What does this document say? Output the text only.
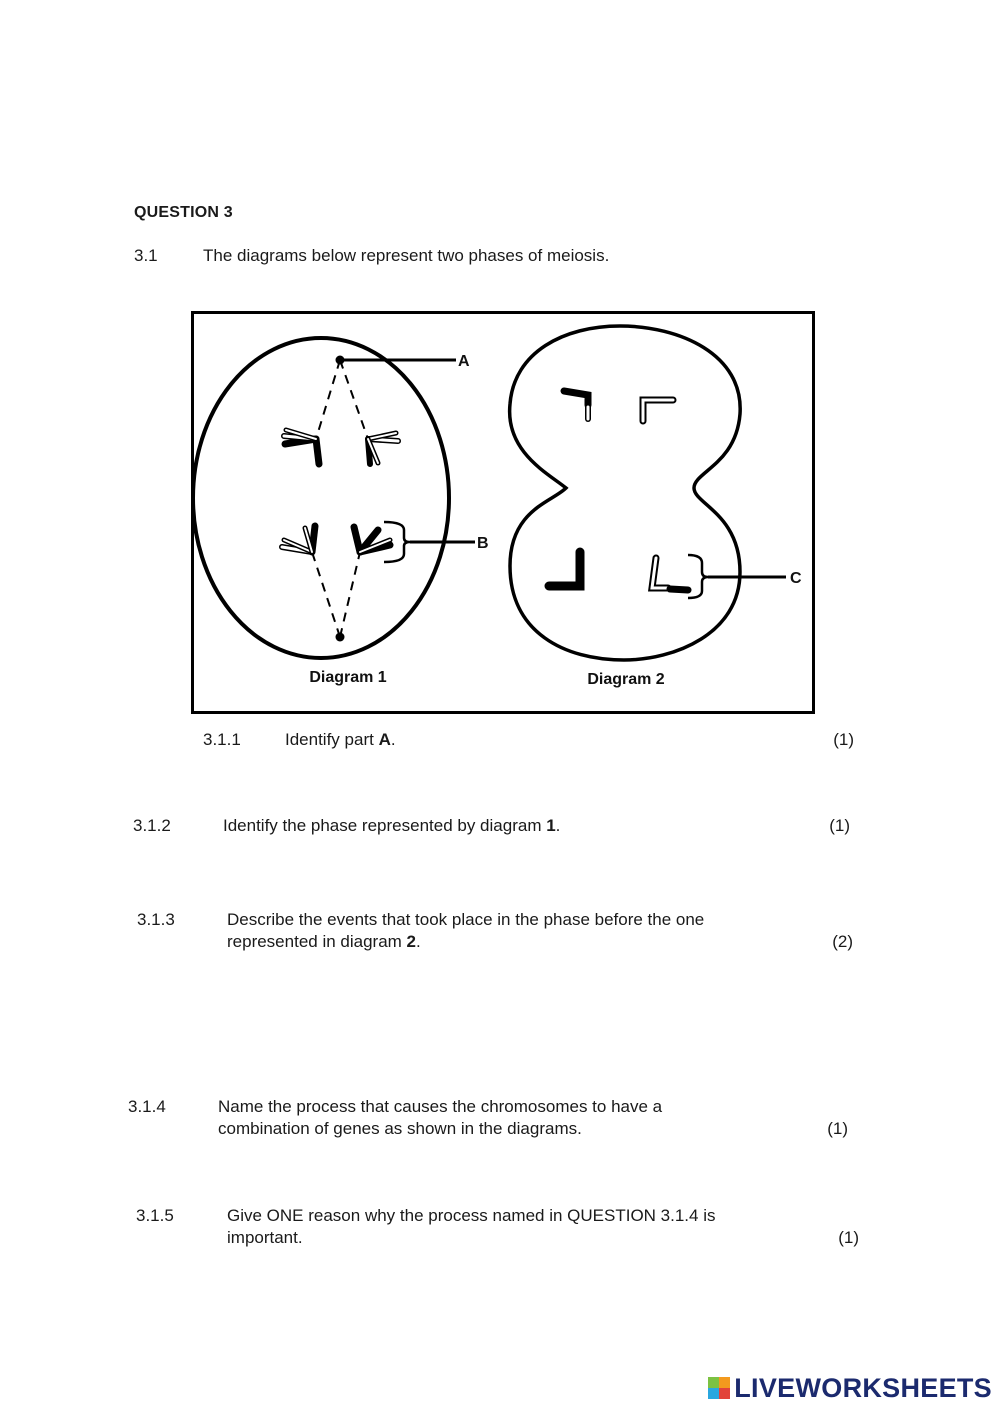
QUESTION 3
3.1	The diagrams below represent two phases of meiosis.
A
B
C
Diagram 1	Diagram 2
3.1.1	Identify part A.	(1)
3.1.2	Identify the phase represented by diagram 1.	(1)
3.1.3	Describe the events that took place in the phase before the one
represented in diagram 2.	(2)
3.1.4	Name the process that causes the chromosomes to have a
combination of genes as shown in the diagrams.	(1)
3.1.5	Give ONE reason why the process named in QUESTION 3.1.4 is
important.	(1)
LIVEWORKSHEETS
